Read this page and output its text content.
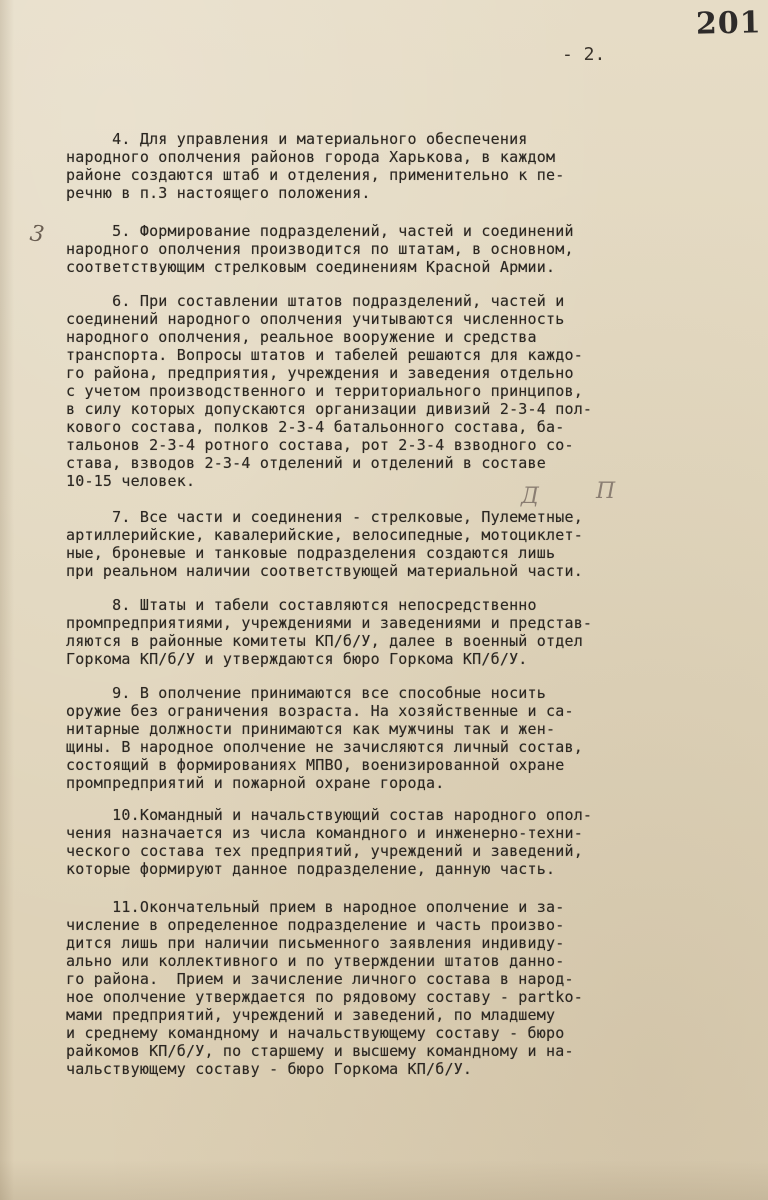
201
- 2.
3
Д	П
4. Для управления и материального обеспечения
народного ополчения районов города Харькова, в каждом
районе создаются штаб и отделения, применительно к пе-
речню в п.3 настоящего положения.
5. Формирование подразделений, частей и соединений
народного ополчения производится по штатам, в основном,
соответствующим стрелковым соединениям Красной Армии.
6. При составлении штатов подразделений, частей и
соединений народного ополчения учитываются численность
народного ополчения, реальное вооружение и средства
транспорта. Вопросы штатов и табелей решаются для каждо-
го района, предприятия, учреждения и заведения отдельно
с учетом производственного и территориального принципов,
в силу которых допускаются организации дивизий 2-3-4 пол-
кового состава, полков 2-3-4 батальонного состава, ба-
тальонов 2-3-4 ротного состава, рот 2-3-4 взводного со-
става, взводов 2-3-4 отделений и отделений в составе
10-15 человек.
7. Все части и соединения - стрелковые, Пулеметные,
артиллерийские, кавалерийские, велосипедные, мотоциклет-
ные, броневые и танковые подразделения создаются лишь
при реальном наличии соответствующей материальной части.
8. Штаты и табели составляются непосредственно
промпредприятиями, учреждениями и заведениями и представ-
ляются в районные комитеты КП/б/У, далее в военный отдел
Горкома КП/б/У и утверждаются бюро Горкома КП/б/У.
9. В ополчение принимаются все способные носить
оружие без ограничения возраста. На хозяйственные и са-
нитарные должности принимаются как мужчины так и жен-
щины. В народное ополчение не зачисляются личный состав,
состоящий в формированиях МПВО, военизированной охране
промпредприятий и пожарной охране города.
10.Командный и начальствующий состав народного опол-
чения назначается из числа командного и инженерно-техни-
ческого состава тех предприятий, учреждений и заведений,
которые формируют данное подразделение, данную часть.
11.Окончательный прием в народное ополчение и за-
числение в определенное подразделение и часть произво-
дится лишь при наличии письменного заявления индивиду-
ально или коллективного и по утверждении штатов данно-
го района.  Прием и зачисление личного состава в народ-
ное ополчение утверждается по рядовому составу - partko-
мами предприятий, учреждений и заведений, по младшему
и среднему командному и начальствующему составу - бюро
райкомов КП/б/У, по старшему и высшему командному и на-
чальствующему составу - бюро Горкома КП/б/У.
